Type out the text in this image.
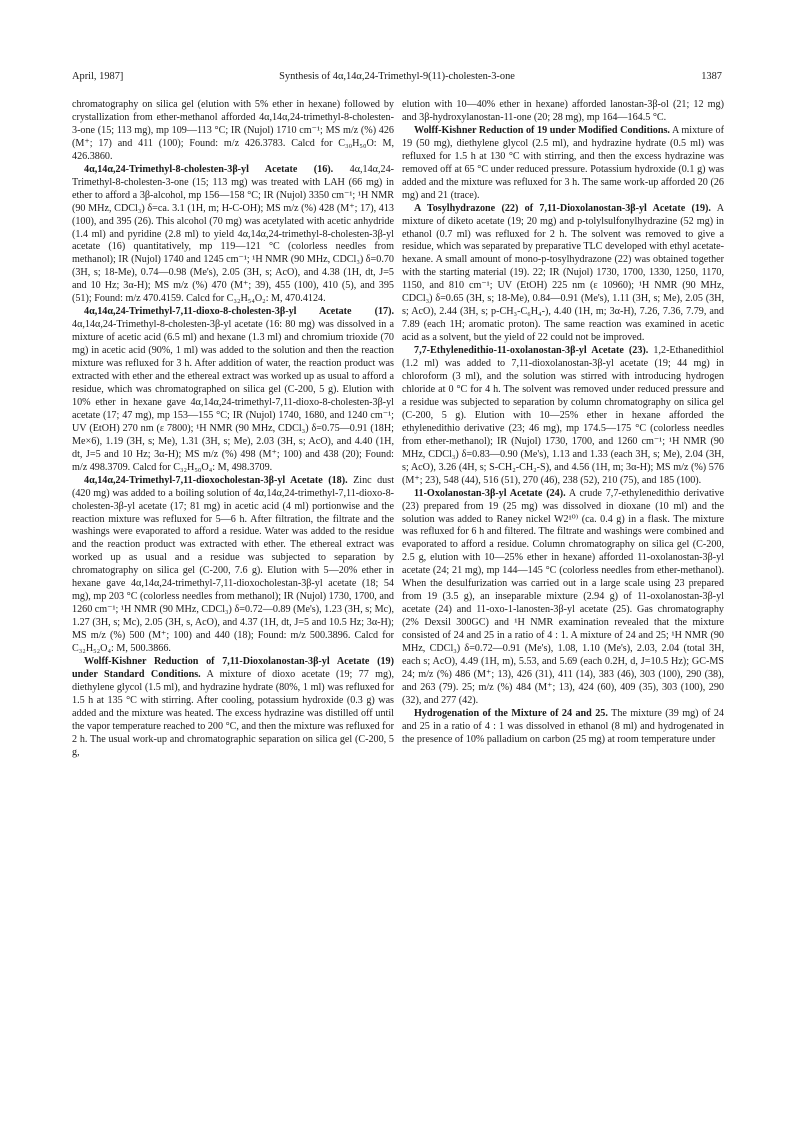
April, 1987]	Synthesis of 4α,14α,24-Trimethyl-9(11)-cholesten-3-one	1387

chromatography on silica gel (elution with 5% ether in hexane) followed by crystallization from ether-methanol afforded 4α,14α,24-trimethyl-8-cholesten-3-one (15; 113 mg), mp 109—113 °C; IR (Nujol) 1710 cm⁻¹; MS m/z (%) 426 (M⁺; 17) and 411 (100); Found: m/z 426.3783. Calcd for C₃₀H₅₀O: M, 426.3860.

4α,14α,24-Trimethyl-8-cholesten-3β-yl Acetate (16). 4α,14α,24-Trimethyl-8-cholesten-3-one (15; 113 mg) was treated with LAH (66 mg) in ether to afford a 3β-alcohol, mp 156—158 °C; IR (Nujol) 3350 cm⁻¹; ¹H NMR (90 MHz, CDCl₃) δ=ca. 3.1 (1H, m; H-C-OH); MS m/z (%) 428 (M⁺; 17), 413 (100), and 395 (26). This alcohol (70 mg) was acetylated with acetic anhydride (1.4 ml) and pyridine (2.8 ml) to yield 4α,14α,24-trimethyl-8-cholesten-3β-yl acetate (16) quantitatively, mp 119—121 °C (colorless needles from methanol); IR (Nujol) 1740 and 1245 cm⁻¹; ¹H NMR (90 MHz, CDCl₃) δ=0.70 (3H, s; 18-Me), 0.74—0.98 (Me's), 2.05 (3H, s; AcO), and 4.38 (1H, dt, J=5 and 10 Hz; 3α-H); MS m/z (%) 470 (M⁺; 39), 455 (100), 410 (5), and 395 (51); Found: m/z 470.4159. Calcd for C₃₂H₅₄O₂: M, 470.4124.

4α,14α,24-Trimethyl-7,11-dioxo-8-cholesten-3β-yl Acetate (17). 4α,14α,24-Trimethyl-8-cholesten-3β-yl acetate (16: 80 mg) was dissolved in a mixture of acetic acid (6.5 ml) and hexane (1.3 ml) and chromium trioxide (70 mg) in acetic acid (90%, 1 ml) was added to the solution and then the reaction mixture was refluxed for 3 h. After addition of water, the reaction product was extracted with ether and the ethereal extract was worked up as usual to afford a residue, which was chromatographed on silica gel (C-200, 5 g). Elution with 10% ether in hexane gave 4α,14α,24-trimethyl-7,11-dioxo-8-cholesten-3β-yl acetate (17; 47 mg), mp 153—155 °C; IR (Nujol) 1740, 1680, and 1240 cm⁻¹; UV (EtOH) 270 nm (ε 7800); ¹H NMR (90 MHz, CDCl₃) δ=0.75—0.91 (18H; Me×6), 1.19 (3H, s; Me), 1.31 (3H, s; Me), 2.03 (3H, s; AcO), and 4.40 (1H, dt, J=5 and 10 Hz; 3α-H); MS m/z (%) 498 (M⁺; 100) and 438 (20); Found: m/z 498.3709. Calcd for C₃₂H₅₀O₄: M, 498.3709.

4α,14α,24-Trimethyl-7,11-dioxocholestan-3β-yl Acetate (18). Zinc dust (420 mg) was added to a boiling solution of 4α,14α,24-trimethyl-7,11-dioxo-8-cholesten-3β-yl acetate (17; 81 mg) in acetic acid (4 ml) portionwise and the reaction mixture was refluxed for 5—6 h. After filtration, the filtrate and the washings were evaporated to afford a residue. Water was added to the residue and the reaction product was extracted with ether. The ethereal extract was worked up as usual and a residue was subjected to separation by chromatography on silica gel (C-200, 7.6 g). Elution with 5—20% ether in hexane gave 4α,14α,24-trimethyl-7,11-dioxocholestan-3β-yl acetate (18; 54 mg), mp 203 °C (colorless needles from methanol); IR (Nujol) 1730, 1700, and 1260 cm⁻¹; ¹H NMR (90 MHz, CDCl₃) δ=0.72—0.89 (Me's), 1.23 (3H, s; Mc), 1.27 (3H, s; Mc), 2.05 (3H, s, AcO), and 4.37 (1H, dt, J=5 and 10.5 Hz; 3α-H); MS m/z (%) 500 (M⁺; 100) and 440 (18); Found: m/z 500.3896. Calcd for C₃₂H₅₂O₄: M, 500.3866.

Wolff-Kishner Reduction of 7,11-Dioxolanostan-3β-yl Acetate (19) under Standard Conditions. A mixture of dioxo acetate (19; 77 mg), diethylene glycol (1.5 ml), and hydrazine hydrate (80%, 1 ml) was refluxed for 1.5 h at 135 °C with stirring. After cooling, potassium hydroxide (0.3 g) was added and the mixture was heated. The excess hydrazine was distilled off until the vapor temperature reached to 200 °C, and then the mixture was refluxed for 2 h. The usual work-up and chromatographic separation on silica gel (C-200, 5 g,

elution with 10—40% ether in hexane) afforded lanostan-3β-ol (21; 12 mg) and 3β-hydroxylanostan-11-one (20; 28 mg), mp 164—164.5 °C.

Wolff-Kishner Reduction of 19 under Modified Conditions. A mixture of 19 (50 mg), diethylene glycol (2.5 ml), and hydrazine hydrate (0.5 ml) was refluxed for 1.5 h at 130 °C with stirring, and then the excess hydrazine was removed off at 65 °C under reduced pressure. Potassium hydroxide (0.1 g) was added and the mixture was refluxed for 3 h. The same work-up afforded 20 (26 mg) and 21 (trace).

A Tosylhydrazone (22) of 7,11-Dioxolanostan-3β-yl Acetate (19). A mixture of diketo acetate (19; 20 mg) and p-tolylsulfonylhydrazine (52 mg) in ethanol (0.7 ml) was refluxed for 2 h. The solvent was removed to give a residue, which was separated by preparative TLC developed with ethyl acetate-hexane. A small amount of mono-p-tosylhydrazone (22) was obtained together with the starting material (19). 22; IR (Nujol) 1730, 1700, 1330, 1250, 1170, 1150, and 810 cm⁻¹; UV (EtOH) 225 nm (ε 10960); ¹H NMR (90 MHz, CDCl₃) δ=0.65 (3H, s; 18-Me), 0.84—0.91 (Me's), 1.11 (3H, s; Me), 2.05 (3H, s; AcO), 2.44 (3H, s; p-CH₃-C₆H₄-), 4.40 (1H, m; 3α-H), 7.26, 7.36, 7.79, and 7.89 (each 1H; aromatic proton). The same reaction was examined in acetic acid as a solvent, but the yield of 22 could not be improved.

7,7-Ethylenedithio-11-oxolanostan-3β-yl Acetate (23). 1,2-Ethanedithiol (1.2 ml) was added to 7,11-dioxolanostan-3β-yl acetate (19; 44 mg) in chloroform (3 ml), and the solution was stirred with introducing hydrogen chloride at 0 °C for 4 h. The solvent was removed under reduced pressure and a residue was subjected to separation by column chromatography on silica gel (C-200, 5 g). Elution with 10—25% ether in hexane afforded the ethylenedithio derivative (23; 46 mg), mp 174.5—175 °C (colorless needles from ether-methanol); IR (Nujol) 1730, 1700, and 1260 cm⁻¹; ¹H NMR (90 MHz, CDCl₃) δ=0.83—0.90 (Me's), 1.13 and 1.33 (each 3H, s; Me), 2.04 (3H, s; AcO), 3.26 (4H, s; S-CH₂-CH₂-S), and 4.56 (1H, m; 3α-H); MS m/z (%) 576 (M⁺; 23), 548 (44), 516 (51), 270 (46), 238 (52), 210 (75), and 185 (100).

11-Oxolanostan-3β-yl Acetate (24). A crude 7,7-ethylenedithio derivative (23) prepared from 19 (25 mg) was dissolved in dioxane (10 ml) and the solution was added to Raney nickel W2¹⁰⁾ (ca. 0.4 g) in a flask. The mixture was refluxed for 6 h and filtered. The filtrate and washings were combined and evaporated to afford a residue. Column chromatography on silica gel (C-200, 2.5 g, elution with 10—25% ether in hexane) afforded 11-oxolanostan-3β-yl acetate (24; 21 mg), mp 144—145 °C (colorless needles from ether-methanol). When the desulfurization was carried out in a large scale using 23 prepared from 19 (3.5 g), an inseparable mixture (2.94 g) of 11-oxolanostan-3β-yl acetate (24) and 11-oxo-1-lanosten-3β-yl acetate (25). Gas chromatography (2% Dexsil 300GC) and ¹H NMR examination revealed that the mixture consisted of 24 and 25 in a ratio of 4 : 1. A mixture of 24 and 25; ¹H NMR (90 MHz, CDCl₃) δ=0.72—0.91 (Me's), 1.08, 1.10 (Me's), 2.03, 2.04 (total 3H, each s; AcO), 4.49 (1H, m), 5.53, and 5.69 (each 0.2H, d, J=10.5 Hz); GC-MS 24; m/z (%) 486 (M⁺; 13), 426 (31), 411 (14), 383 (46), 303 (100), 290 (38), and 263 (79). 25; m/z (%) 484 (M⁺; 13), 424 (60), 409 (35), 303 (100), 290 (32), and 277 (42).

Hydrogenation of the Mixture of 24 and 25. The mixture (39 mg) of 24 and 25 in a ratio of 4 : 1 was dissolved in ethanol (8 ml) and hydrogenated in the presence of 10% palladium on carbon (25 mg) at room temperature under
